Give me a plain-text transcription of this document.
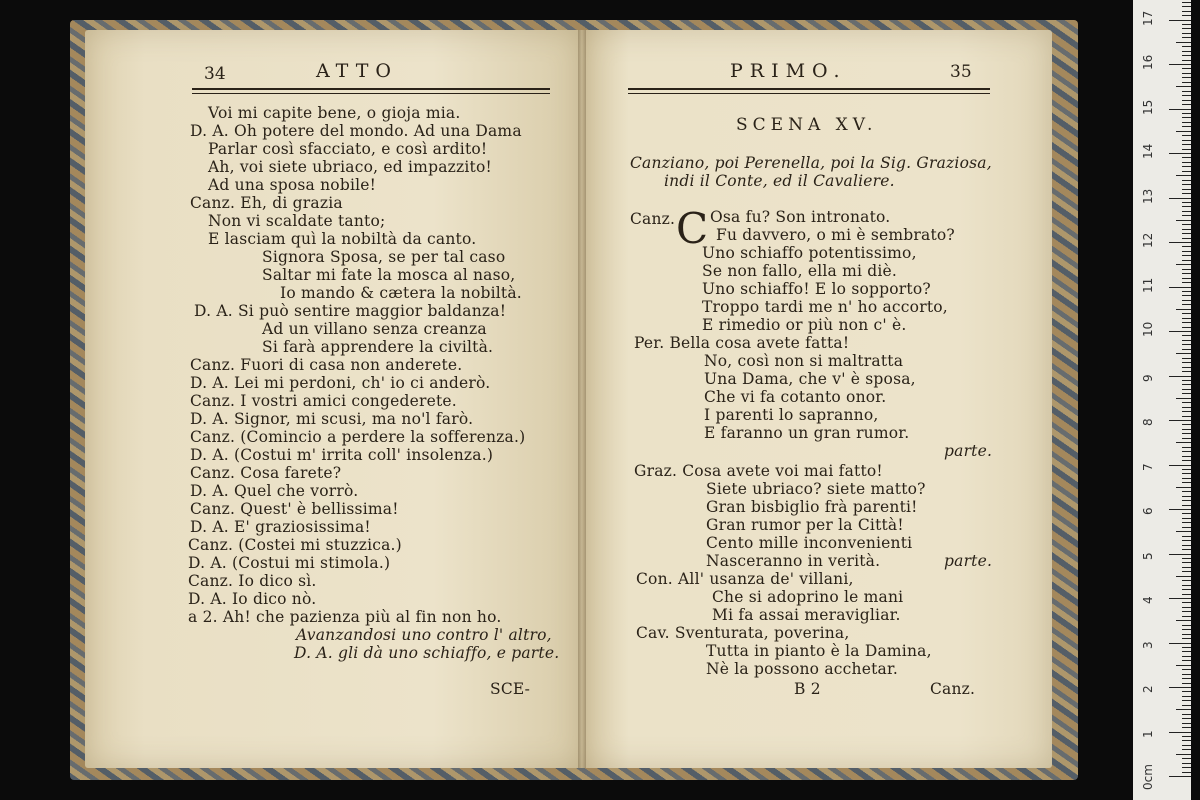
34	ATTO
Voi mi capite bene, o gioja mia.
D. A. Oh potere del mondo. Ad una Dama
Parlar così sfacciato, e così ardito!
Ah, voi siete ubriaco, ed impazzito!
Ad una sposa nobile!
Canz. Eh, di grazia
Non vi scaldate tanto;
E lasciam quì la nobiltà da canto.
Signora Sposa, se per tal caso
Saltar mi fate la mosca al naso,
Io mando & cætera la nobiltà.
D. A. Si può sentire maggior baldanza!
Ad un villano senza creanza
Si farà apprendere la civiltà.
Canz. Fuori di casa non anderete.
D. A. Lei mi perdoni, ch' io ci anderò.
Canz. I vostri amici congederete.
D. A. Signor, mi scusi, ma no'l farò.
Canz. (Comincio a perdere la sofferenza.)
D. A. (Costui m' irrita coll' insolenza.)
Canz. Cosa farete?
D. A. Quel che vorrò.
Canz. Quest' è bellissima!
D. A. E' graziosissima!
Canz. (Costei mi stuzzica.)
D. A. (Costui mi stimola.)
Canz. Io dico sì.
D. A. Io dico nò.
a 2. Ah! che pazienza più al fin non ho.
Avanzandosi uno contro l' altro,
D. A. gli dà uno schiaffo, e parte.
SCE-
PRIMO.	35
SCENA XV.
Canziano, poi Perenella, poi la Sig. Graziosa,
indi il Conte, ed il Cavaliere.
Canz. C Osa fu? Son intronato.
Fu davvero, o mi è sembrato?
Uno schiaffo potentissimo,
Se non fallo, ella mi diè.
Uno schiaffo! E lo sopporto?
Troppo tardi me n' ho accorto,
E rimedio or più non c' è.
Per. Bella cosa avete fatta!
No, così non si maltratta
Una Dama, che v' è sposa,
Che vi fa cotanto onor.
I parenti lo sapranno,
E faranno un gran rumor.
parte.
Graz. Cosa avete voi mai fatto!
Siete ubriaco? siete matto?
Gran bisbiglio frà parenti!
Gran rumor per la Città!
Cento mille inconvenienti
Nasceranno in verità.	parte.
Con. All' usanza de' villani,
Che si adoprino le mani
Mi fa assai meravigliar.
Cav. Sventurata, poverina,
Tutta in pianto è la Damina,
Nè la possono acchetar.
B 2	Canz.
0cm
1
2
3
4
5
6
7
8
9
10
11
12
13
14
15
16
17
